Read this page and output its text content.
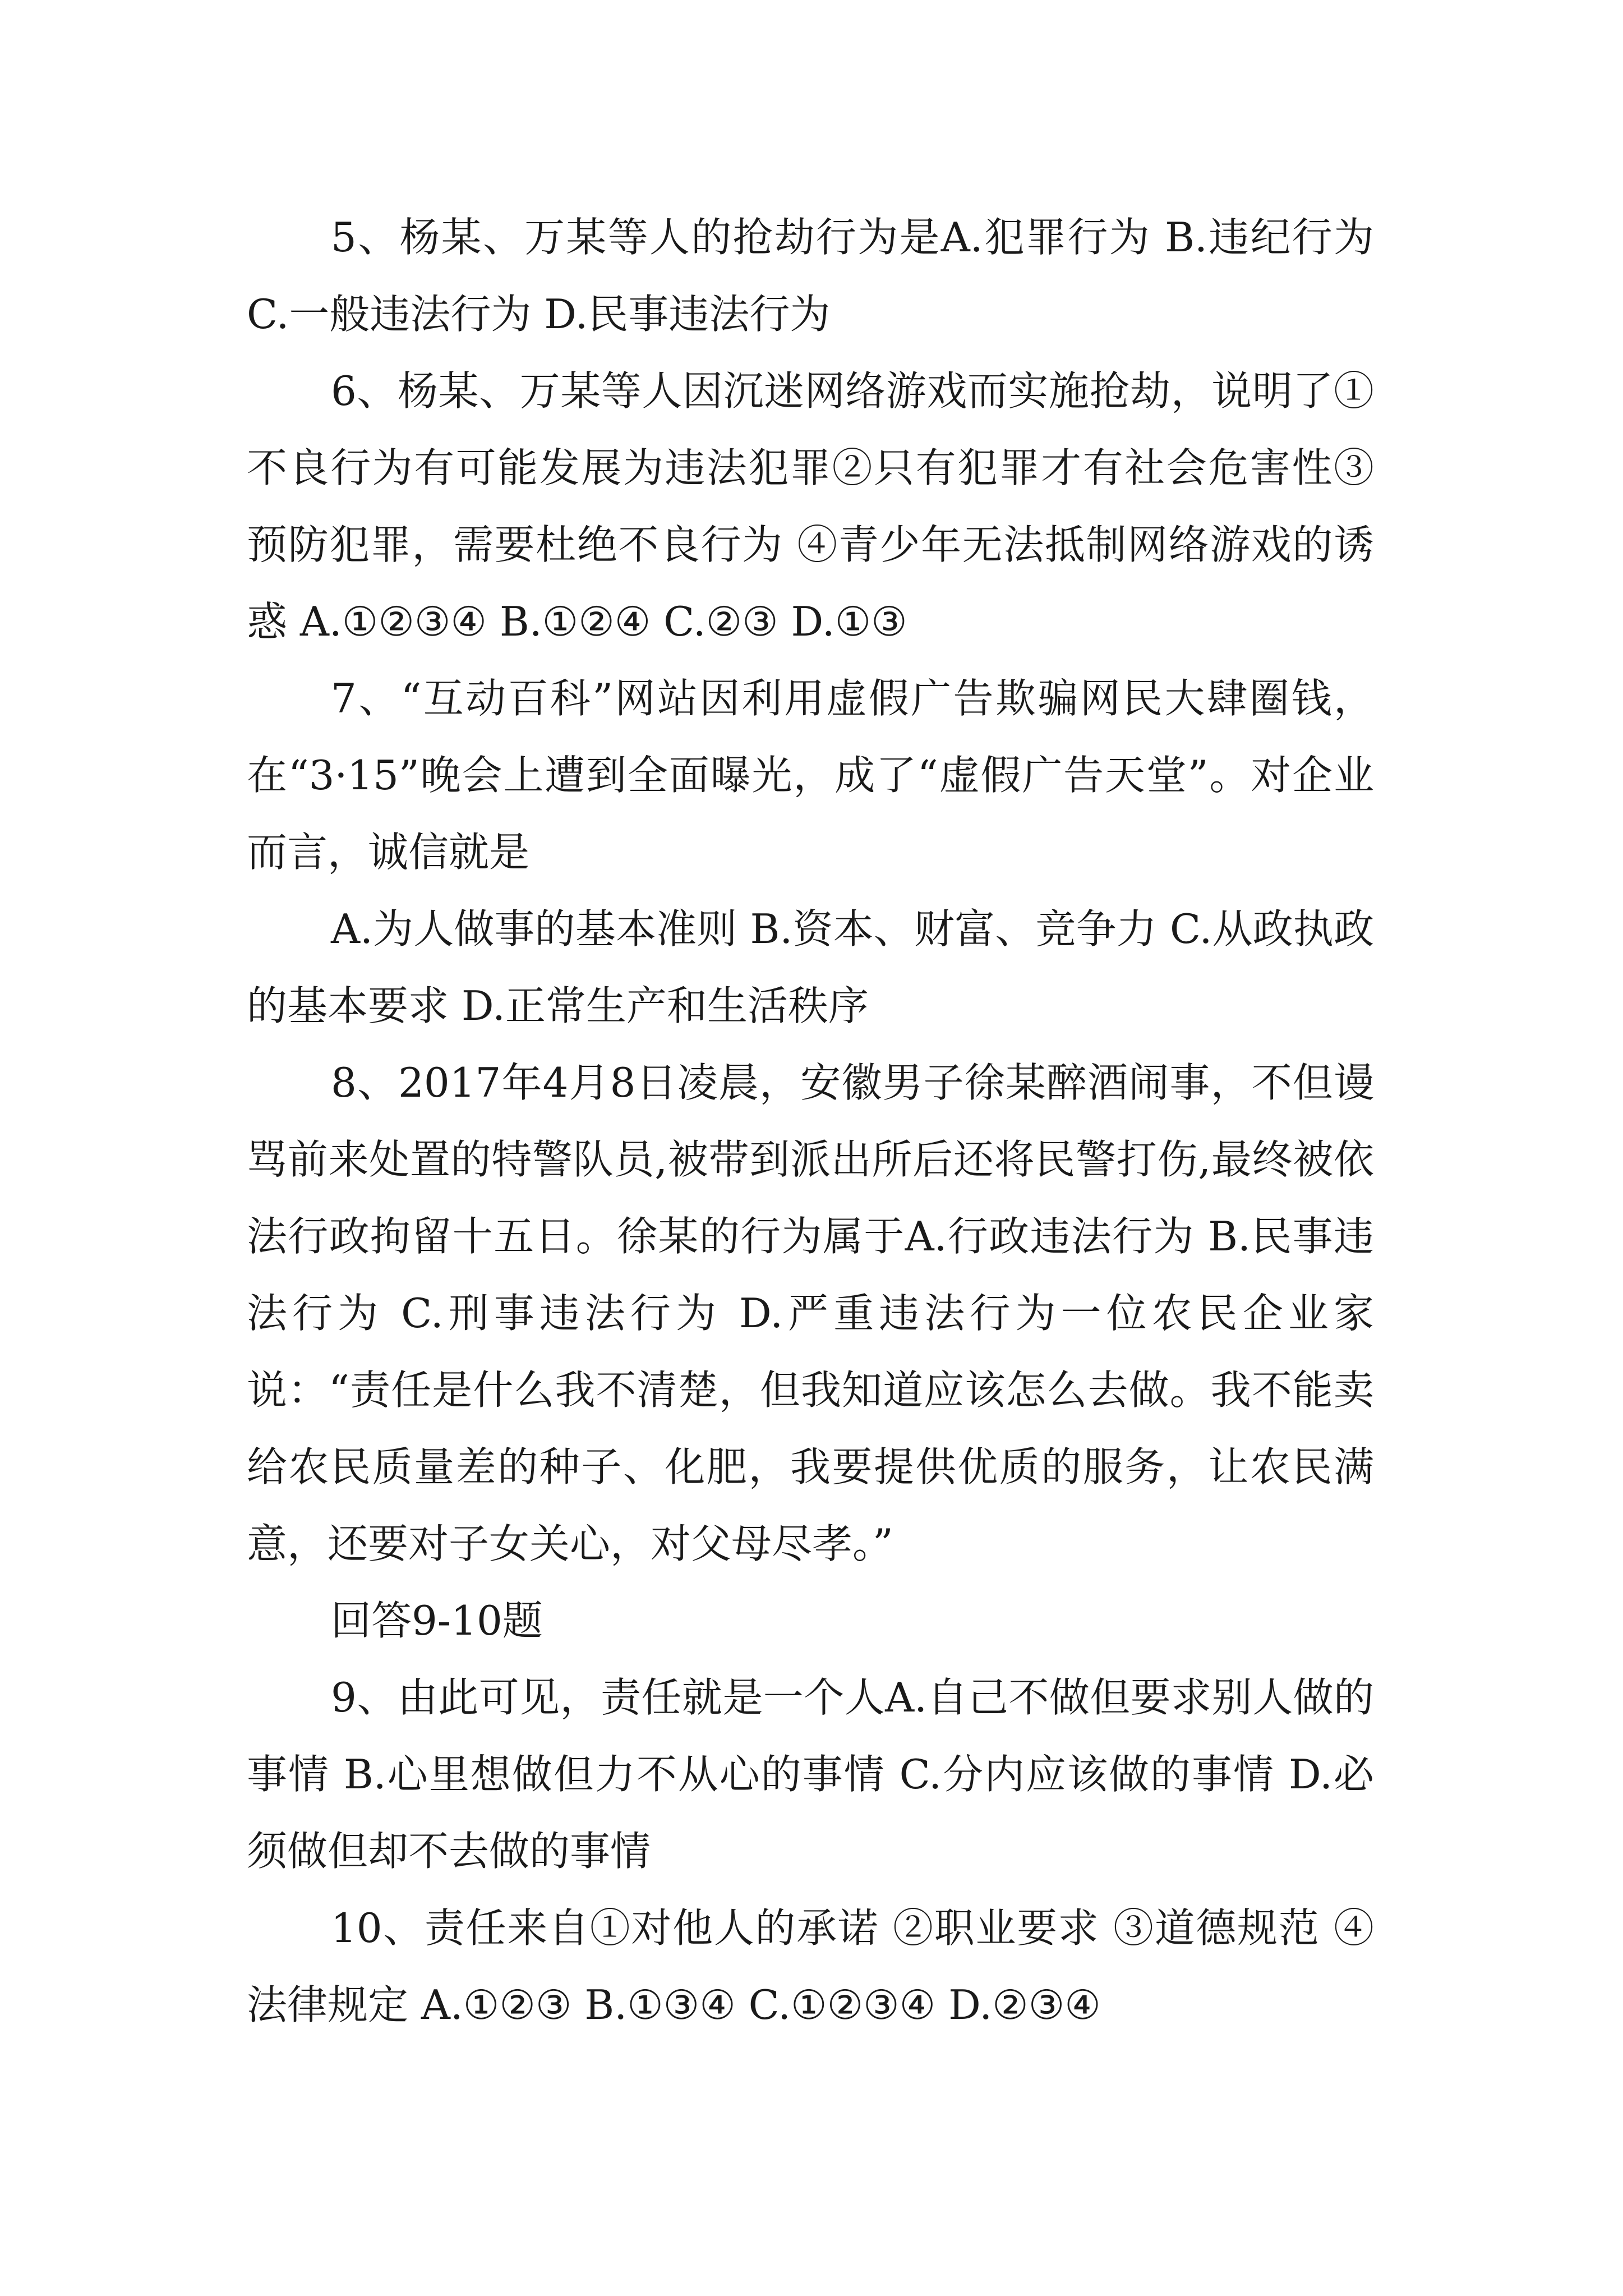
5、杨某、万某等人的抢劫行为是A.犯罪行为 B.违纪行为 C.一般违法行为 D.民事违法行为

6、杨某、万某等人因沉迷网络游戏而实施抢劫，说明了①不良行为有可能发展为违法犯罪②只有犯罪才有社会危害性③预防犯罪，需要杜绝不良行为 ④青少年无法抵制网络游戏的诱惑 A.①②③④ B.①②④ C.②③ D.①③

7、“互动百科”网站因利用虚假广告欺骗网民大肆圈钱，在“3·15”晚会上遭到全面曝光，成了“虚假广告天堂”。对企业而言，诚信就是

A.为人做事的基本准则 B.资本、财富、竞争力 C.从政执政的基本要求 D.正常生产和生活秩序

8、2017年4月8日凌晨，安徽男子徐某醉酒闹事，不但谩骂前来处置的特警队员,被带到派出所后还将民警打伤,最终被依法行政拘留十五日。徐某的行为属于A.行政违法行为 B.民事违法行为 C.刑事违法行为 D.严重违法行为一位农民企业家说：“责任是什么我不清楚，但我知道应该怎么去做。我不能卖给农民质量差的种子、化肥，我要提供优质的服务，让农民满意，还要对子女关心，对父母尽孝。”

回答9-10题

9、由此可见，责任就是一个人A.自己不做但要求别人做的事情 B.心里想做但力不从心的事情 C.分内应该做的事情 D.必须做但却不去做的事情

10、责任来自①对他人的承诺 ②职业要求 ③道德规范 ④法律规定 A.①②③ B.①③④ C.①②③④ D.②③④
